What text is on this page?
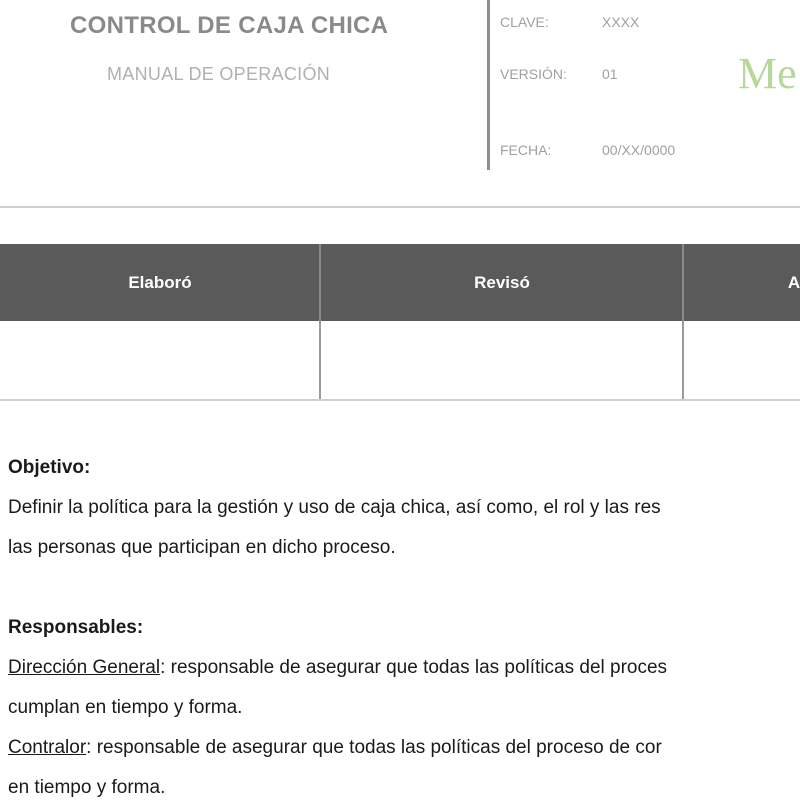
CONTROL DE CAJA CHICA
MANUAL DE OPERACIÓN
CLAVE:	XXXX
VERSIÓN:	01
FECHA:	00/XX/0000
Me
Elaboró	Revisó	A
Objetivo:
Definir la política para la gestión y uso de caja chica, así como, el rol y las res
las personas que participan en dicho proceso.
Responsables:
Dirección General: responsable de asegurar que todas las políticas del proces
cumplan en tiempo y forma.
Contralor: responsable de asegurar que todas las políticas del proceso de cor
en tiempo y forma.
